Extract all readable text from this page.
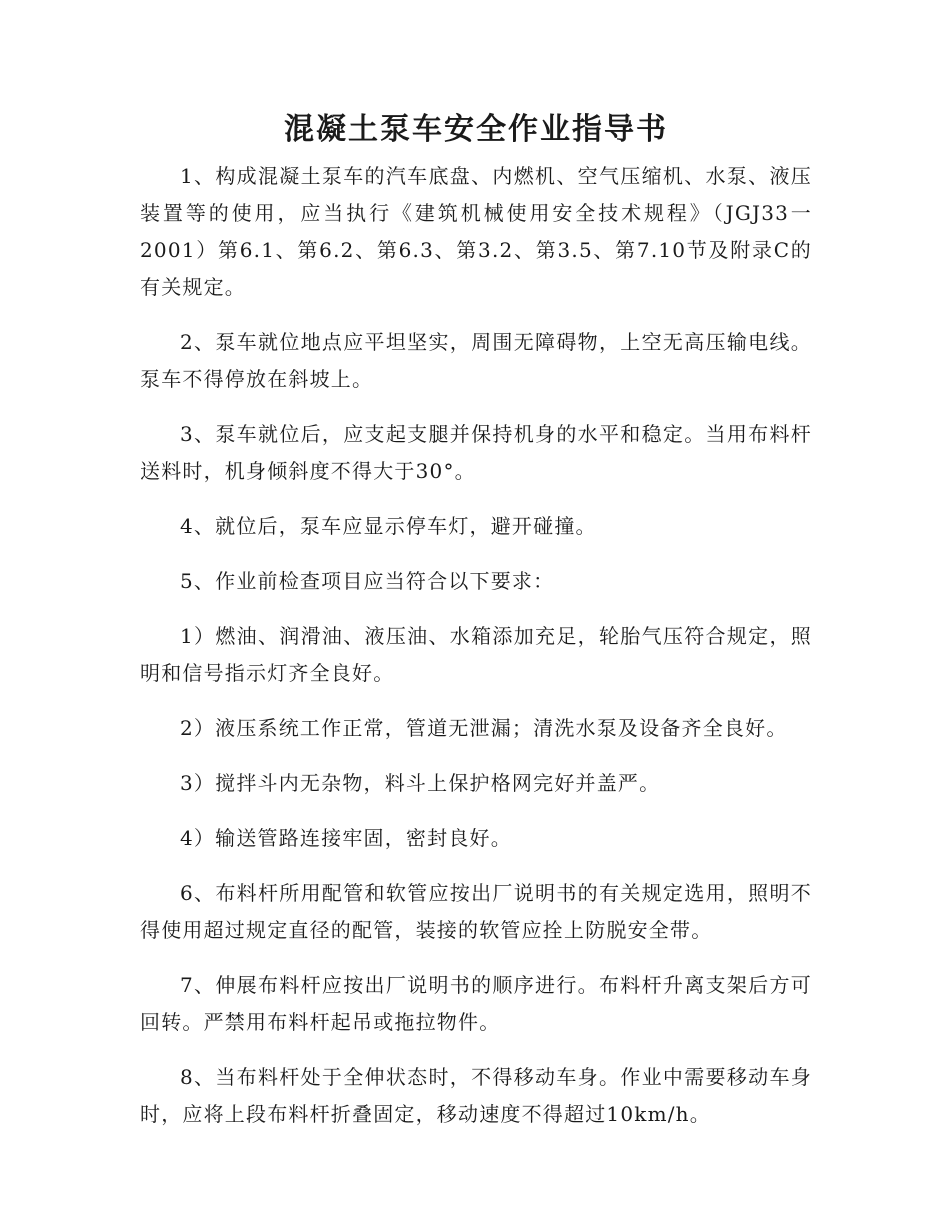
混凝土泵车安全作业指导书

1、构成混凝土泵车的汽车底盘、内燃机、空气压缩机、水泵、液压装置等的使用，应当执行《建筑机械使用安全技术规程》（JGJ33一2001）第6.1、第6.2、第6.3、第3.2、第3.5、第7.10节及附录C的有关规定。

2、泵车就位地点应平坦坚实，周围无障碍物，上空无高压输电线。泵车不得停放在斜坡上。

3、泵车就位后，应支起支腿并保持机身的水平和稳定。当用布料杆送料时，机身倾斜度不得大于30°。

4、就位后，泵车应显示停车灯，避开碰撞。

5、作业前检查项目应当符合以下要求：

1）燃油、润滑油、液压油、水箱添加充足，轮胎气压符合规定，照明和信号指示灯齐全良好。

2）液压系统工作正常，管道无泄漏；清洗水泵及设备齐全良好。

3）搅拌斗内无杂物，料斗上保护格网完好并盖严。

4）输送管路连接牢固，密封良好。

6、布料杆所用配管和软管应按出厂说明书的有关规定选用，照明不得使用超过规定直径的配管，装接的软管应拴上防脱安全带。

7、伸展布料杆应按出厂说明书的顺序进行。布料杆升离支架后方可回转。严禁用布料杆起吊或拖拉物件。

8、当布料杆处于全伸状态时，不得移动车身。作业中需要移动车身时，应将上段布料杆折叠固定，移动速度不得超过10km/h。
